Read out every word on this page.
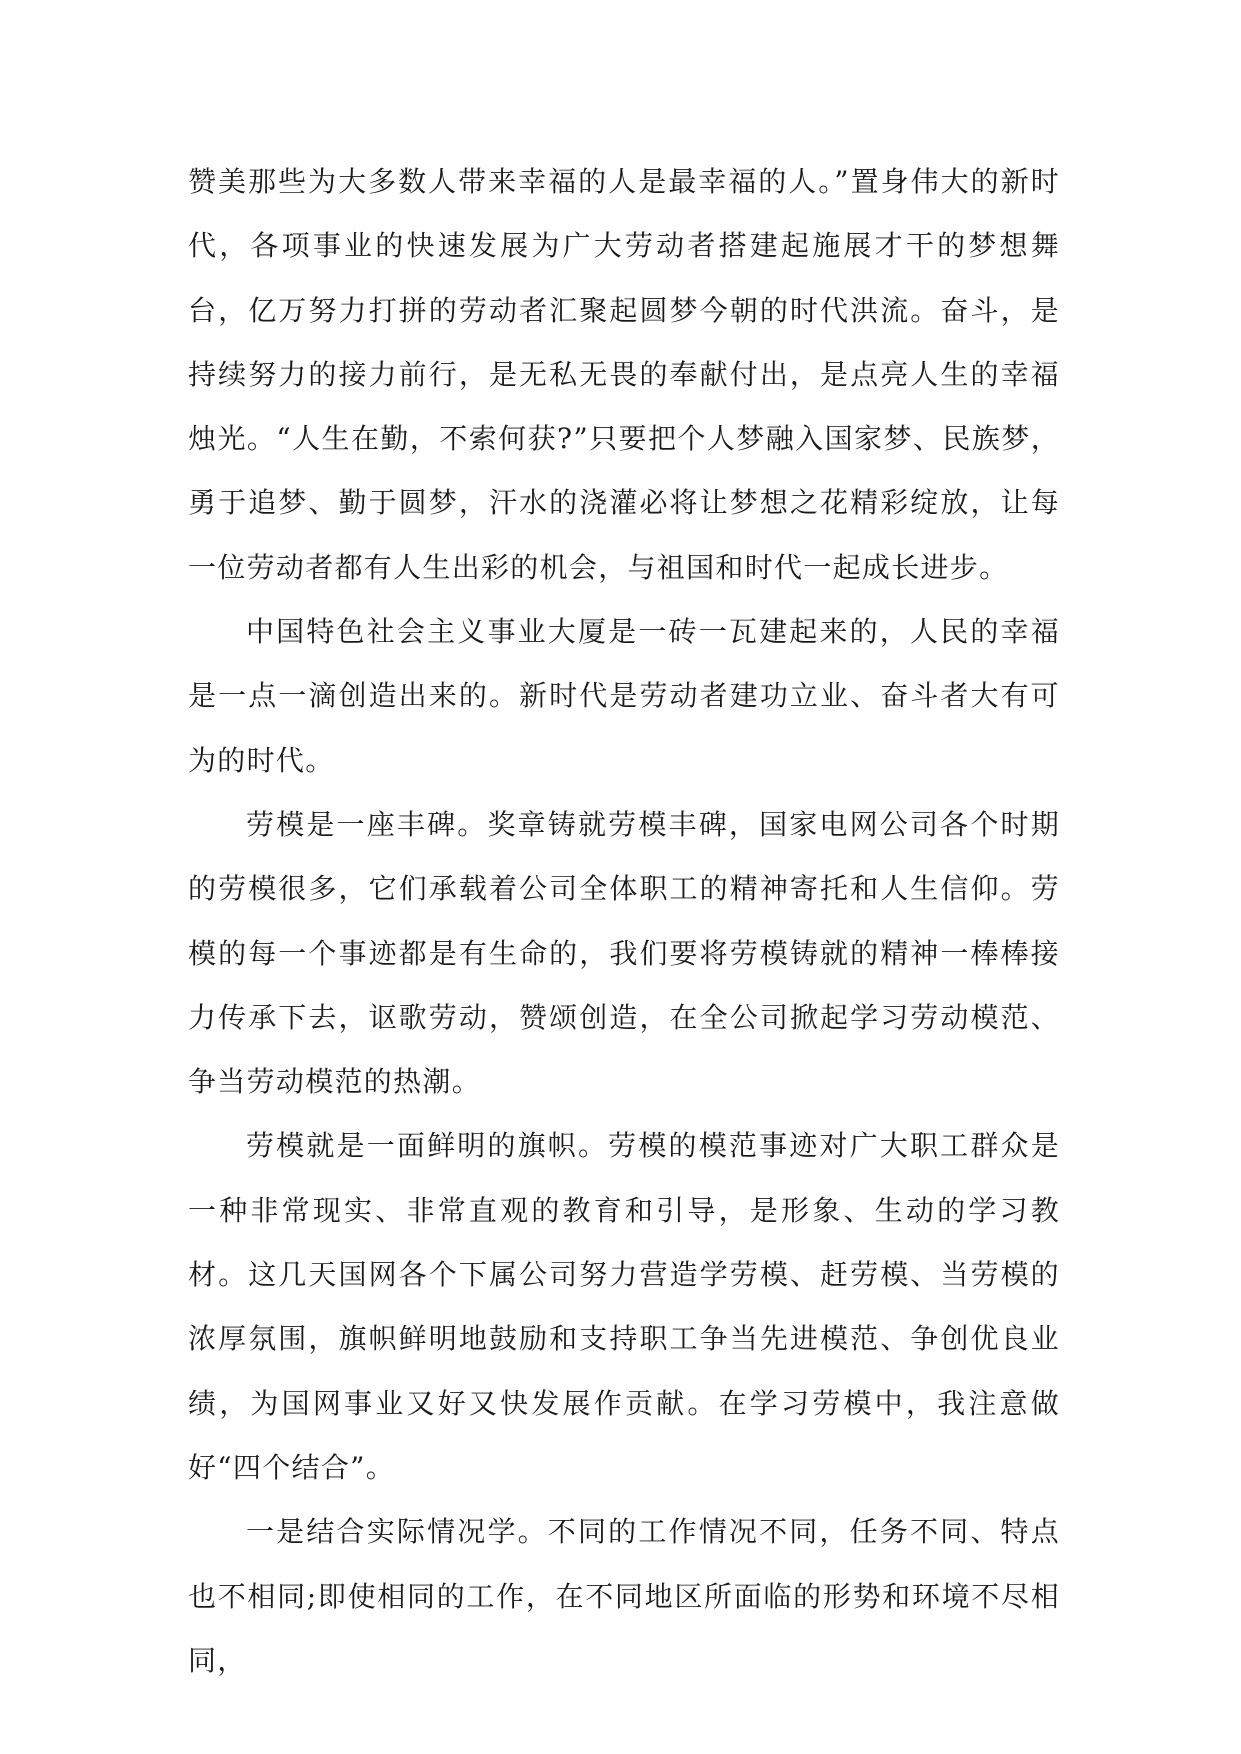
赞美那些为大多数人带来幸福的人是最幸福的人。”置身伟大的新时代，各项事业的快速发展为广大劳动者搭建起施展才干的梦想舞台，亿万努力打拼的劳动者汇聚起圆梦今朝的时代洪流。奋斗，是持续努力的接力前行，是无私无畏的奉献付出，是点亮人生的幸福烛光。“人生在勤，不索何获?”只要把个人梦融入国家梦、民族梦，勇于追梦、勤于圆梦，汗水的浇灌必将让梦想之花精彩绽放，让每一位劳动者都有人生出彩的机会，与祖国和时代一起成长进步。

中国特色社会主义事业大厦是一砖一瓦建起来的，人民的幸福是一点一滴创造出来的。新时代是劳动者建功立业、奋斗者大有可为的时代。

劳模是一座丰碑。奖章铸就劳模丰碑，国家电网公司各个时期的劳模很多，它们承载着公司全体职工的精神寄托和人生信仰。劳模的每一个事迹都是有生命的，我们要将劳模铸就的精神一棒棒接力传承下去，讴歌劳动，赞颂创造，在全公司掀起学习劳动模范、争当劳动模范的热潮。

劳模就是一面鲜明的旗帜。劳模的模范事迹对广大职工群众是一种非常现实、非常直观的教育和引导，是形象、生动的学习教材。这几天国网各个下属公司努力营造学劳模、赶劳模、当劳模的浓厚氛围，旗帜鲜明地鼓励和支持职工争当先进模范、争创优良业绩，为国网事业又好又快发展作贡献。在学习劳模中，我注意做好“四个结合”。

一是结合实际情况学。不同的工作情况不同，任务不同、特点也不相同;即使相同的工作，在不同地区所面临的形势和环境不尽相同，
